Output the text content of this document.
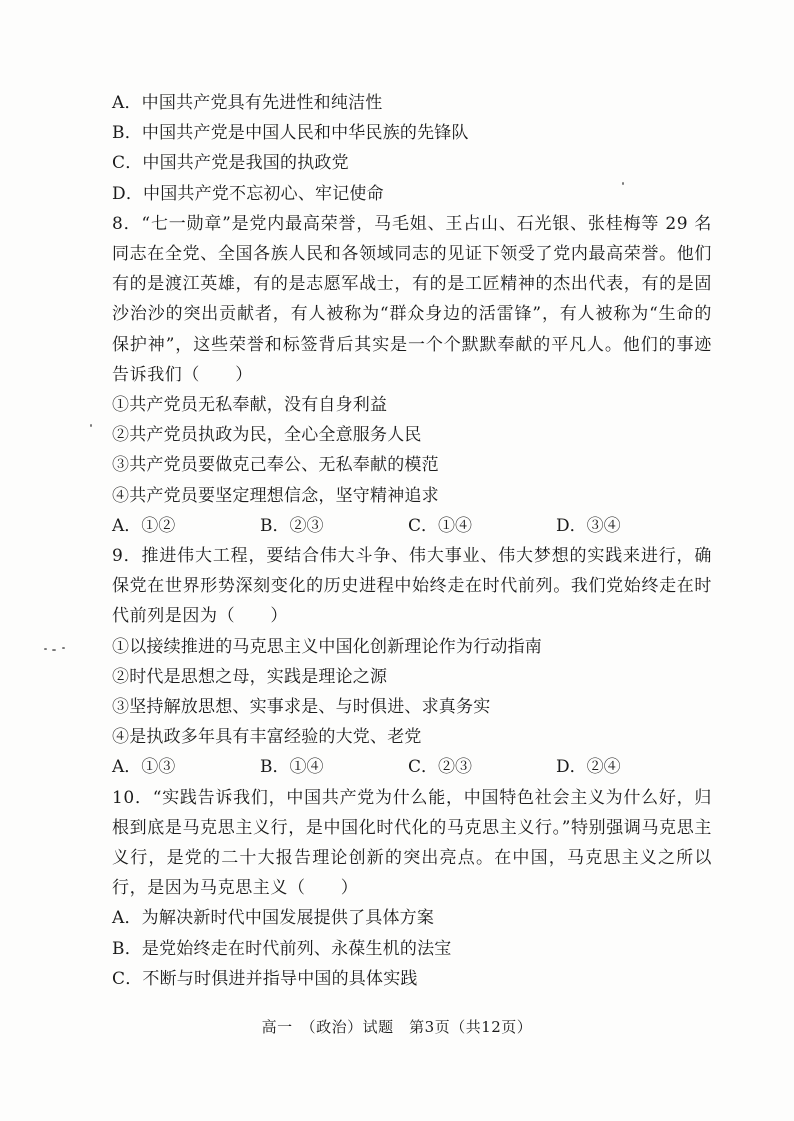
A．中国共产党具有先进性和纯洁性
B．中国共产党是中国人民和中华民族的先锋队
C．中国共产党是我国的执政党
D．中国共产党不忘初心、牢记使命
8．“七一勋章”是党内最高荣誉，马毛姐、王占山、石光银、张桂梅等 29 名同志在全党、全国各族人民和各领域同志的见证下领受了党内最高荣誉。他们有的是渡江英雄，有的是志愿军战士，有的是工匠精神的杰出代表，有的是固沙治沙的突出贡献者，有人被称为“群众身边的活雷锋”，有人被称为“生命的保护神”，这些荣誉和标签背后其实是一个个默默奉献的平凡人。他们的事迹告诉我们（　　）
①共产党员无私奉献，没有自身利益
②共产党员执政为民，全心全意服务人民
③共产党员要做克己奉公、无私奉献的模范
④共产党员要坚定理想信念，坚守精神追求
A．①②	B．②③	C．①④	D．③④
9．推进伟大工程，要结合伟大斗争、伟大事业、伟大梦想的实践来进行，确保党在世界形势深刻变化的历史进程中始终走在时代前列。我们党始终走在时代前列是因为（　　）
①以接续推进的马克思主义中国化创新理论作为行动指南
②时代是思想之母，实践是理论之源
③坚持解放思想、实事求是、与时俱进、求真务实
④是执政多年具有丰富经验的大党、老党
A．①③	B．①④	C．②③	D．②④
10．“实践告诉我们，中国共产党为什么能，中国特色社会主义为什么好，归根到底是马克思主义行，是中国化时代化的马克思主义行。”特别强调马克思主义行，是党的二十大报告理论创新的突出亮点。在中国，马克思主义之所以行，是因为马克思主义（　　）
A．为解决新时代中国发展提供了具体方案
B．是党始终走在时代前列、永葆生机的法宝
C．不断与时俱进并指导中国的具体实践
高一　（政治）试题　第3页（共12页）
